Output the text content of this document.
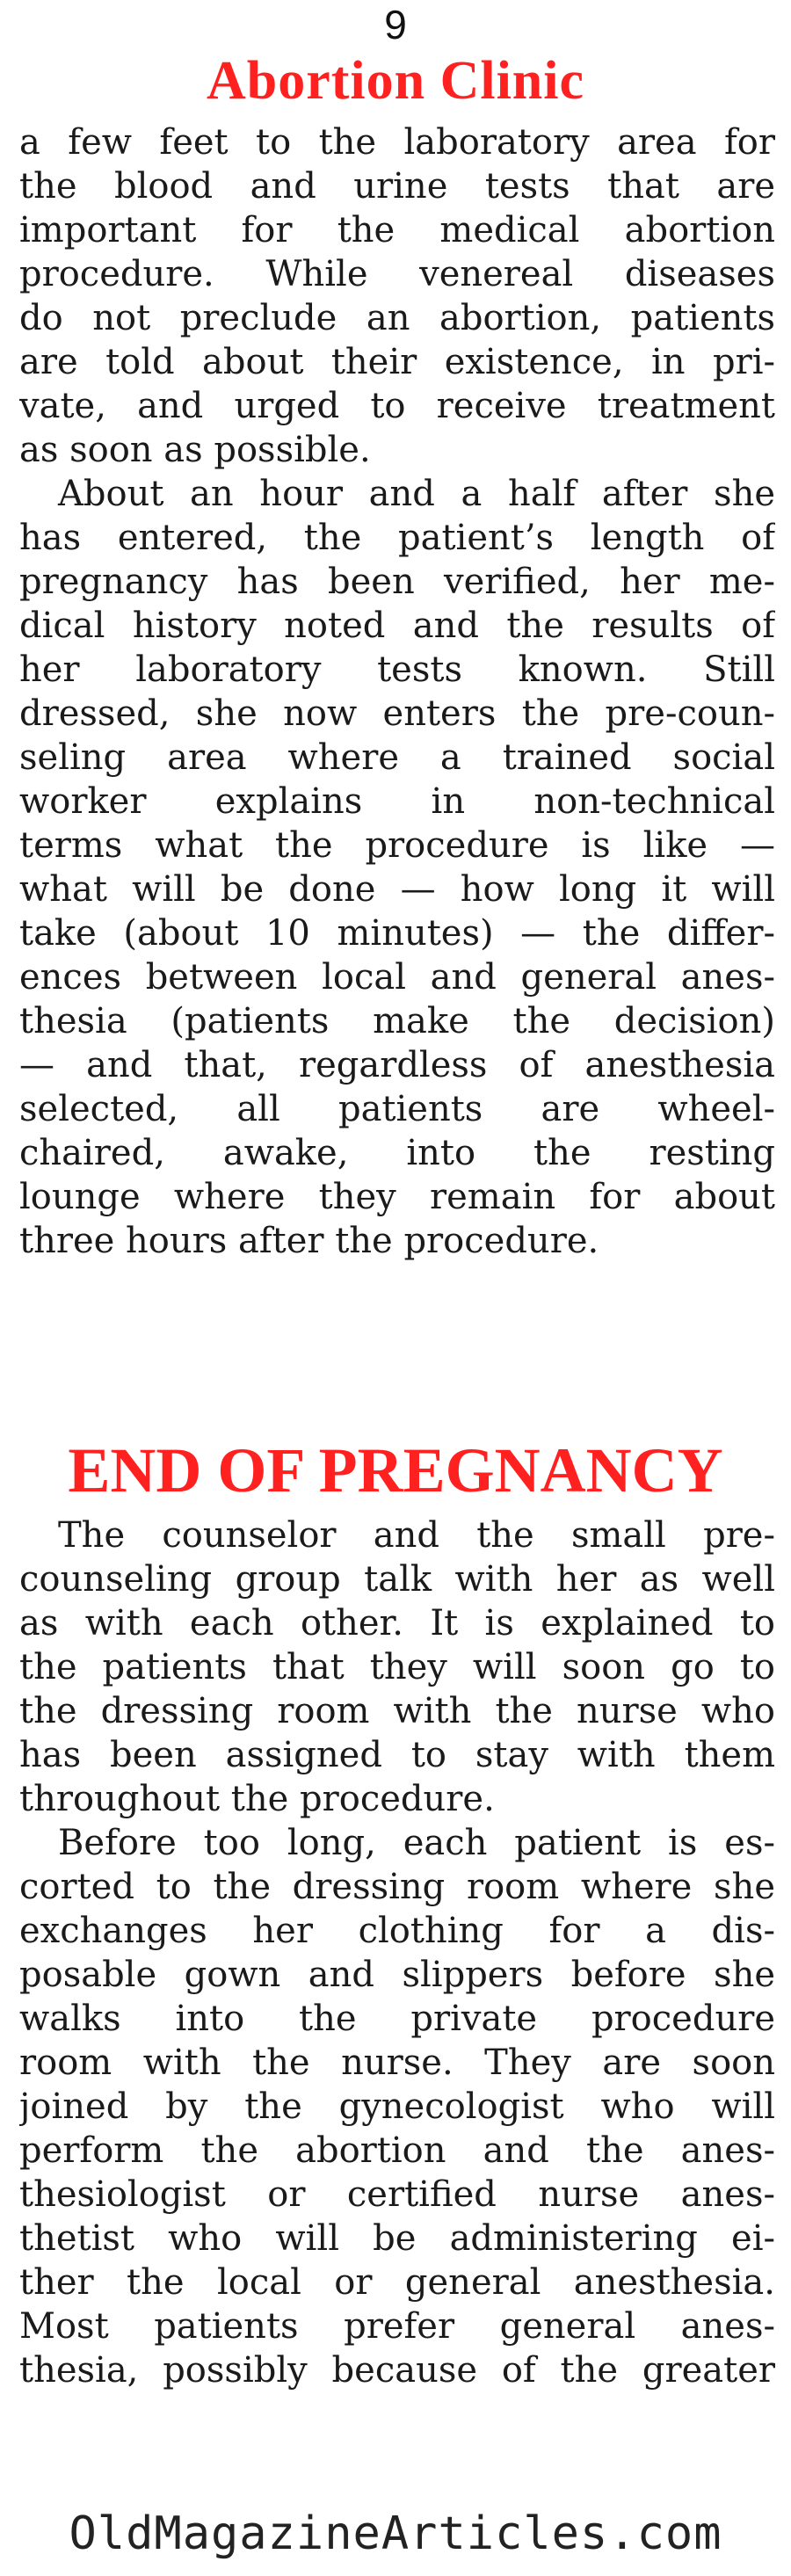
9
Abortion Clinic
a few feet to the laboratory area for
the blood and urine tests that are
important for the medical abortion
procedure. While venereal diseases
do not preclude an abortion, patients
are told about their existence, in pri-
vate, and urged to receive treatment
as soon as possible.
About an hour and a half after she
has entered, the patient’s length of
pregnancy has been verified, her me-
dical history noted and the results of
her laboratory tests known. Still
dressed, she now enters the pre-coun-
seling area where a trained social
worker explains in non-technical
terms what the procedure is like —
what will be done — how long it will
take (about 10 minutes) — the differ-
ences between local and general anes-
thesia (patients make the decision)
— and that, regardless of anesthesia
selected, all patients are wheel-
chaired, awake, into the resting
lounge where they remain for about
three hours after the procedure.
END OF PREGNANCY
The counselor and the small pre-
counseling group talk with her as well
as with each other. It is explained to
the patients that they will soon go to
the dressing room with the nurse who
has been assigned to stay with them
throughout the procedure.
Before too long, each patient is es-
corted to the dressing room where she
exchanges her clothing for a dis-
posable gown and slippers before she
walks into the private procedure
room with the nurse. They are soon
joined by the gynecologist who will
perform the abortion and the anes-
thesiologist or certified nurse anes-
thetist who will be administering ei-
ther the local or general anesthesia.
Most patients prefer general anes-
thesia, possibly because of the greater
OldMagazineArticles.com
